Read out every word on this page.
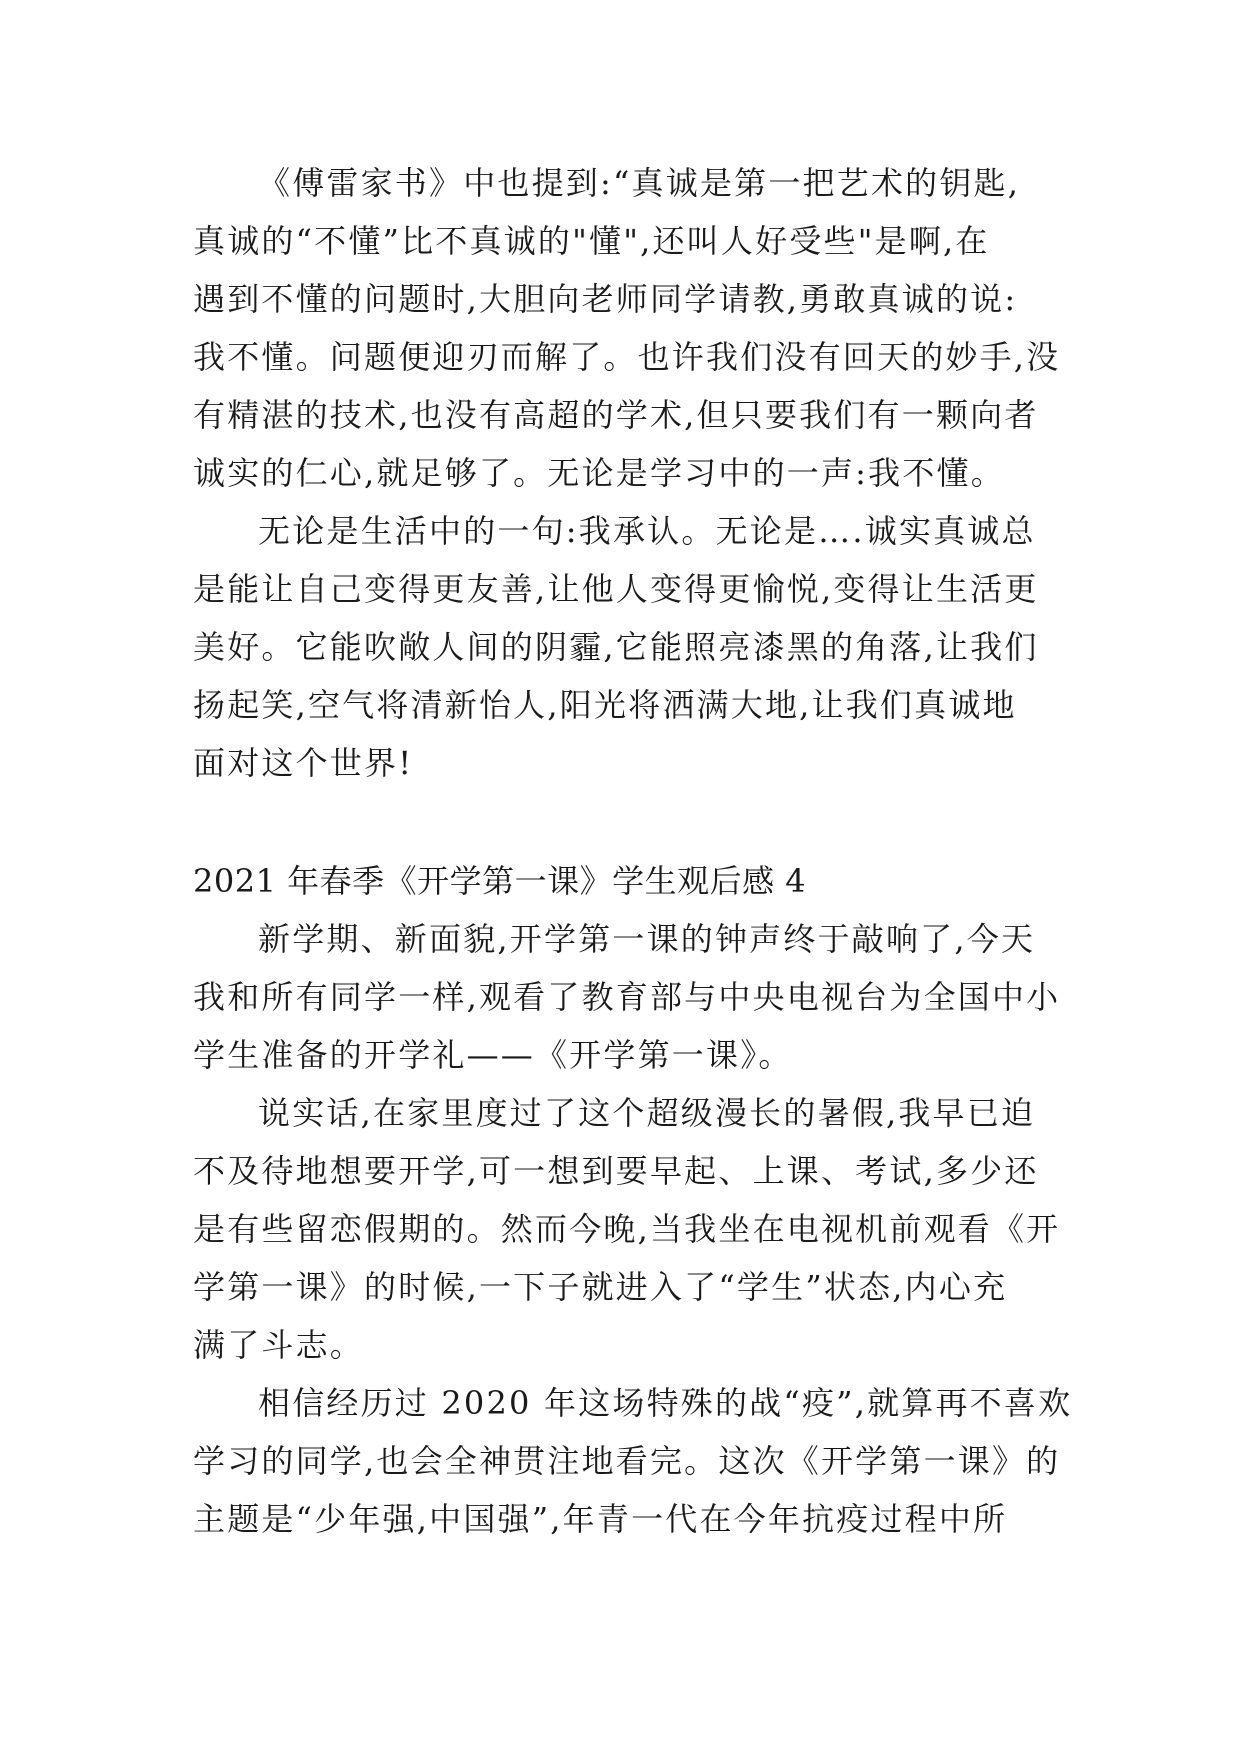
《傅雷家书》中也提到:“真诚是第一把艺术的钥匙,
真诚的“不懂”比不真诚的"懂",还叫人好受些"是啊,在
遇到不懂的问题时,大胆向老师同学请教,勇敢真诚的说:
我不懂。问题便迎刃而解了。也许我们没有回天的妙手,没
有精湛的技术,也没有高超的学术,但只要我们有一颗向者
诚实的仁心,就足够了。无论是学习中的一声:我不懂。
无论是生活中的一句:我承认。无论是….诚实真诚总
是能让自己变得更友善,让他人变得更愉悦,变得让生活更
美好。它能吹敞人间的阴霾,它能照亮漆黑的角落,让我们
扬起笑,空气将清新怡人,阳光将洒满大地,让我们真诚地
面对这个世界!
2021 年春季《开学第一课》学生观后感 4
新学期、新面貌,开学第一课的钟声终于敲响了,今天
我和所有同学一样,观看了教育部与中央电视台为全国中小
学生准备的开学礼——《开学第一课》。
说实话,在家里度过了这个超级漫长的暑假,我早已迫
不及待地想要开学,可一想到要早起、上课、考试,多少还
是有些留恋假期的。然而今晚,当我坐在电视机前观看《开
学第一课》的时候,一下子就进入了“学生”状态,内心充
满了斗志。
相信经历过 2020 年这场特殊的战“疫”,就算再不喜欢
学习的同学,也会全神贯注地看完。这次《开学第一课》的
主题是“少年强,中国强”,年青一代在今年抗疫过程中所
